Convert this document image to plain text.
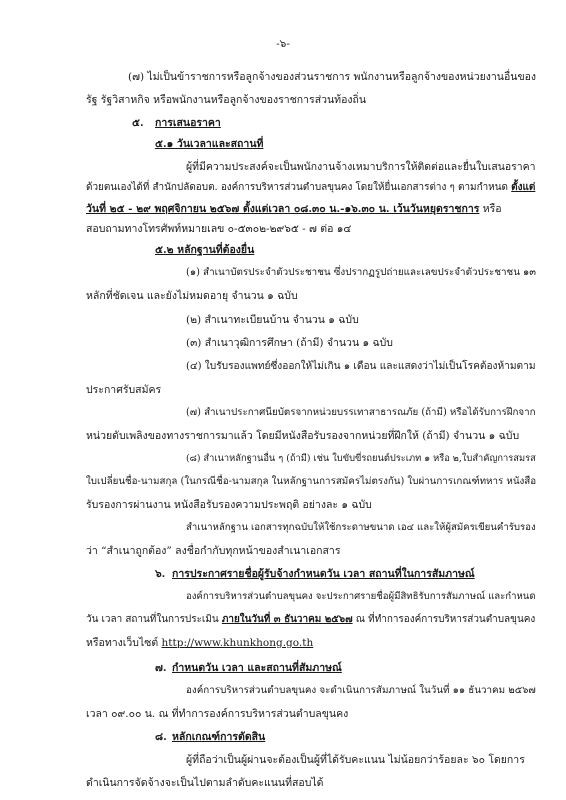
-๖-
(๗) ไม่เป็นข้าราชการหรือลูกจ้างของส่วนราชการ พนักงานหรือลูกจ้างของหน่วยงานอื่นของ
รัฐ รัฐวิสาหกิจ หรือพนักงานหรือลูกจ้างของราชการส่วนท้องถิ่น
๕. การเสนอราคา
๕.๑ วันเวลาและสถานที่
ผู้ที่มีความประสงค์จะเป็นพนักงานจ้างเหมาบริการให้ติดต่อและยื่นใบเสนอราคา
ด้วยตนเองได้ที่ สำนักปลัดอบต. องค์การบริหารส่วนตำบลขุนคง โดยให้ยื่นเอกสารต่าง ๆ ตามกำหนด ตั้งแต่
วันที่ ๒๕ - ๒๙ พฤศจิกายน ๒๕๖๗ ตั้งแต่เวลา ๐๘.๓๐ น.-๑๖.๓๐ น. เว้นวันหยุดราชการ หรือ
สอบถามทางโทรศัพท์หมายเลข ๐-๕๓๐๒-๒๙๖๕ - ๗ ต่อ ๑๔
๕.๒ หลักฐานที่ต้องยื่น
(๑) สำเนาบัตรประจำตัวประชาชน ซึ่งปรากฏรูปถ่ายและเลขประจำตัวประชาชน ๑๓
หลักที่ชัดเจน และยังไม่หมดอายุ จำนวน ๑ ฉบับ
(๒) สำเนาทะเบียนบ้าน จำนวน ๑ ฉบับ
(๓) สำเนาวุฒิการศึกษา (ถ้ามี) จำนวน ๑ ฉบับ
(๔) ใบรับรองแพทย์ซึ่งออกให้ไม่เกิน ๑ เดือน และแสดงว่าไม่เป็นโรคต้องห้ามตาม
ประกาศรับสมัคร
(๗) สำเนาประกาศนียบัตรจากหน่วยบรรเทาสาธารณภัย (ถ้ามี) หรือได้รับการฝึกจาก
หน่วยดับเพลิงของทางราชการมาแล้ว โดยมีหนังสือรับรองจากหน่วยที่ฝึกให้ (ถ้ามี) จำนวน ๑ ฉบับ
(๘) สำเนาหลักฐานอื่น ๆ (ถ้ามี) เช่น ใบขับขี่รถยนต์ประเภท ๑ หรือ ๒,ใบสำคัญการสมรส
ใบเปลี่ยนชื่อ-นามสกุล (ในกรณีชื่อ-นามสกุล ในหลักฐานการสมัครไม่ตรงกัน) ใบผ่านการเกณฑ์ทหาร หนังสือ
รับรองการผ่านงาน หนังสือรับรองความประพฤติ อย่างละ ๑ ฉบับ
สำเนาหลักฐาน เอกสารทุกฉบับให้ใช้กระดาษขนาด เอ๔ และให้ผู้สมัครเขียนคำรับรอง
ว่า “สำเนาถูกต้อง” ลงชื่อกำกับทุกหน้าของสำเนาเอกสาร
๖. การประกาศรายชื่อผู้รับจ้างกำหนดวัน เวลา สถานที่ในการสัมภาษณ์
องค์การบริหารส่วนตำบลขุนคง จะประกาศรายชื่อผู้มีสิทธิรับการสัมภาษณ์ และกำหนด
วัน เวลา สถานที่ในการประเมิน ภายในวันที่ ๓ ธันวาคม ๒๕๖๗ ณ ที่ทำการองค์การบริหารส่วนตำบลขุนคง
หรือทางเว็บไซต์ http://www.khunkhong.go.th
๗. กำหนดวัน เวลา และสถานที่สัมภาษณ์
องค์การบริหารส่วนตำบลขุนคง จะดำเนินการสัมภาษณ์ ในวันที่ ๑๑ ธันวาคม ๒๕๖๗
เวลา ๐๙.๐๐ น. ณ ที่ทำการองค์การบริหารส่วนตำบลขุนคง
๘. หลักเกณฑ์การตัดสิน
ผู้ที่ถือว่าเป็นผู้ผ่านจะต้องเป็นผู้ที่ได้รับคะแนน ไม่น้อยกว่าร้อยละ ๖๐ โดยการ
ดำเนินการจัดจ้างจะเป็นไปตามลำดับคะแนนที่สอบได้
